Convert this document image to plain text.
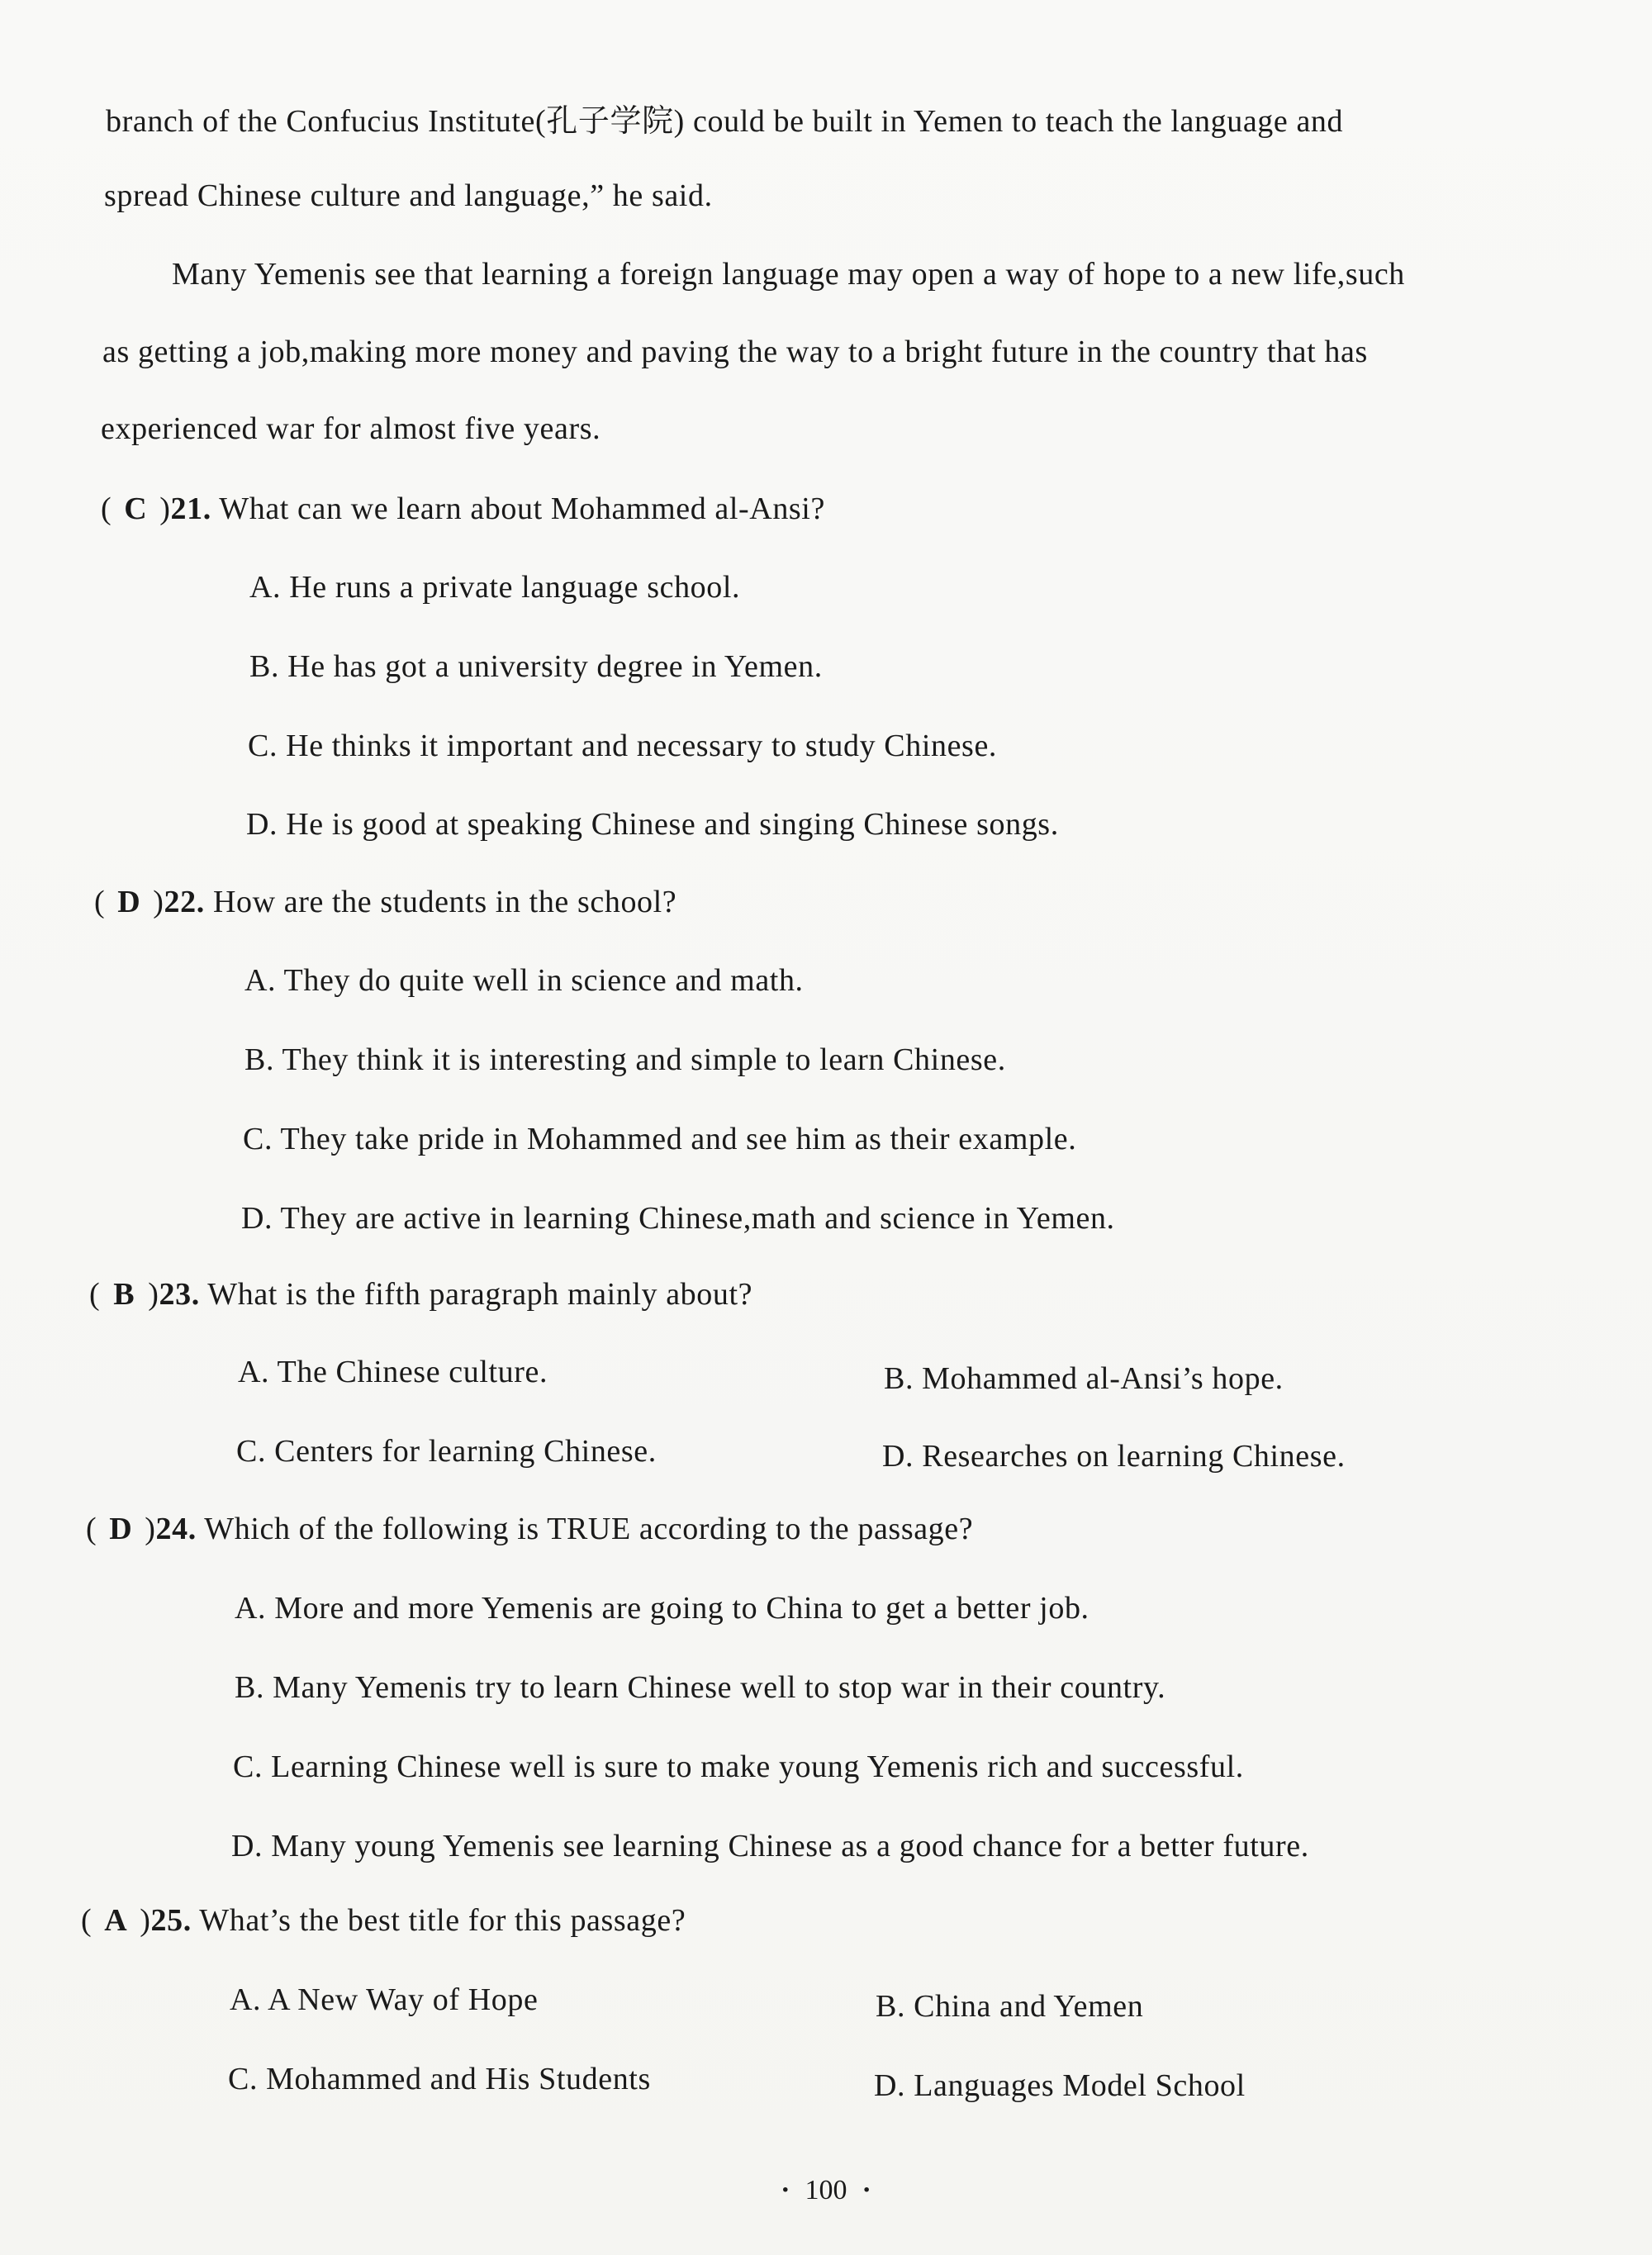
branch of the Confucius Institute(孔子学院) could be built in Yemen to teach the language and
spread Chinese culture and language,” he said.
Many Yemenis see that learning a foreign language may open a way of hope to a new life,such
as getting a job,making more money and paving the way to a bright future in the country that has
experienced war for almost five years.
( C )21. What can we learn about Mohammed al-Ansi?
A. He runs a private language school.
B. He has got a university degree in Yemen.
C. He thinks it important and necessary to study Chinese.
D. He is good at speaking Chinese and singing Chinese songs.
( D )22. How are the students in the school?
A. They do quite well in science and math.
B. They think it is interesting and simple to learn Chinese.
C. They take pride in Mohammed and see him as their example.
D. They are active in learning Chinese,math and science in Yemen.
( B )23. What is the fifth paragraph mainly about?
A. The Chinese culture.	B. Mohammed al-Ansi’s hope.
C. Centers for learning Chinese.	D. Researches on learning Chinese.
( D )24. Which of the following is TRUE according to the passage?
A. More and more Yemenis are going to China to get a better job.
B. Many Yemenis try to learn Chinese well to stop war in their country.
C. Learning Chinese well is sure to make young Yemenis rich and successful.
D. Many young Yemenis see learning Chinese as a good chance for a better future.
( A )25. What’s the best title for this passage?
A. A New Way of Hope	B. China and Yemen
C. Mohammed and His Students	D. Languages Model School
· 100 ·
